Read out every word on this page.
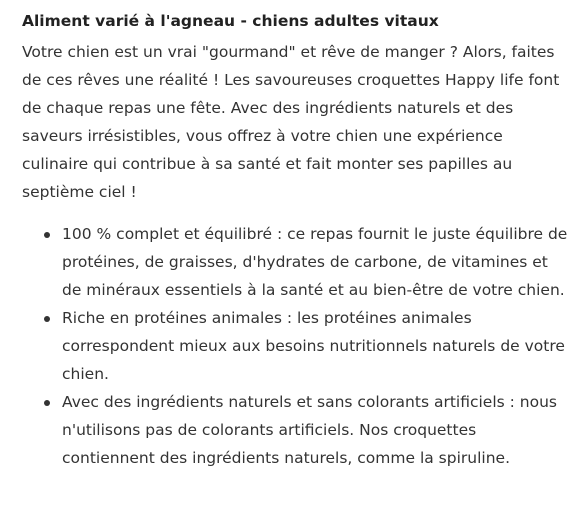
Aliment varié à l'agneau - chiens adultes vitaux

Votre chien est un vrai "gourmand" et rêve de manger ? Alors, faites de ces rêves une réalité ! Les savoureuses croquettes Happy life font de chaque repas une fête. Avec des ingrédients naturels et des saveurs irrésistibles, vous offrez à votre chien une expérience culinaire qui contribue à sa santé et fait monter ses papilles au septième ciel !

100 % complet et équilibré : ce repas fournit le juste équilibre de protéines, de graisses, d'hydrates de carbone, de vitamines et de minéraux essentiels à la santé et au bien-être de votre chien.
Riche en protéines animales : les protéines animales correspondent mieux aux besoins nutritionnels naturels de votre chien.
Avec des ingrédients naturels et sans colorants artificiels : nous n'utilisons pas de colorants artificiels. Nos croquettes contiennent des ingrédients naturels, comme la spiruline.
